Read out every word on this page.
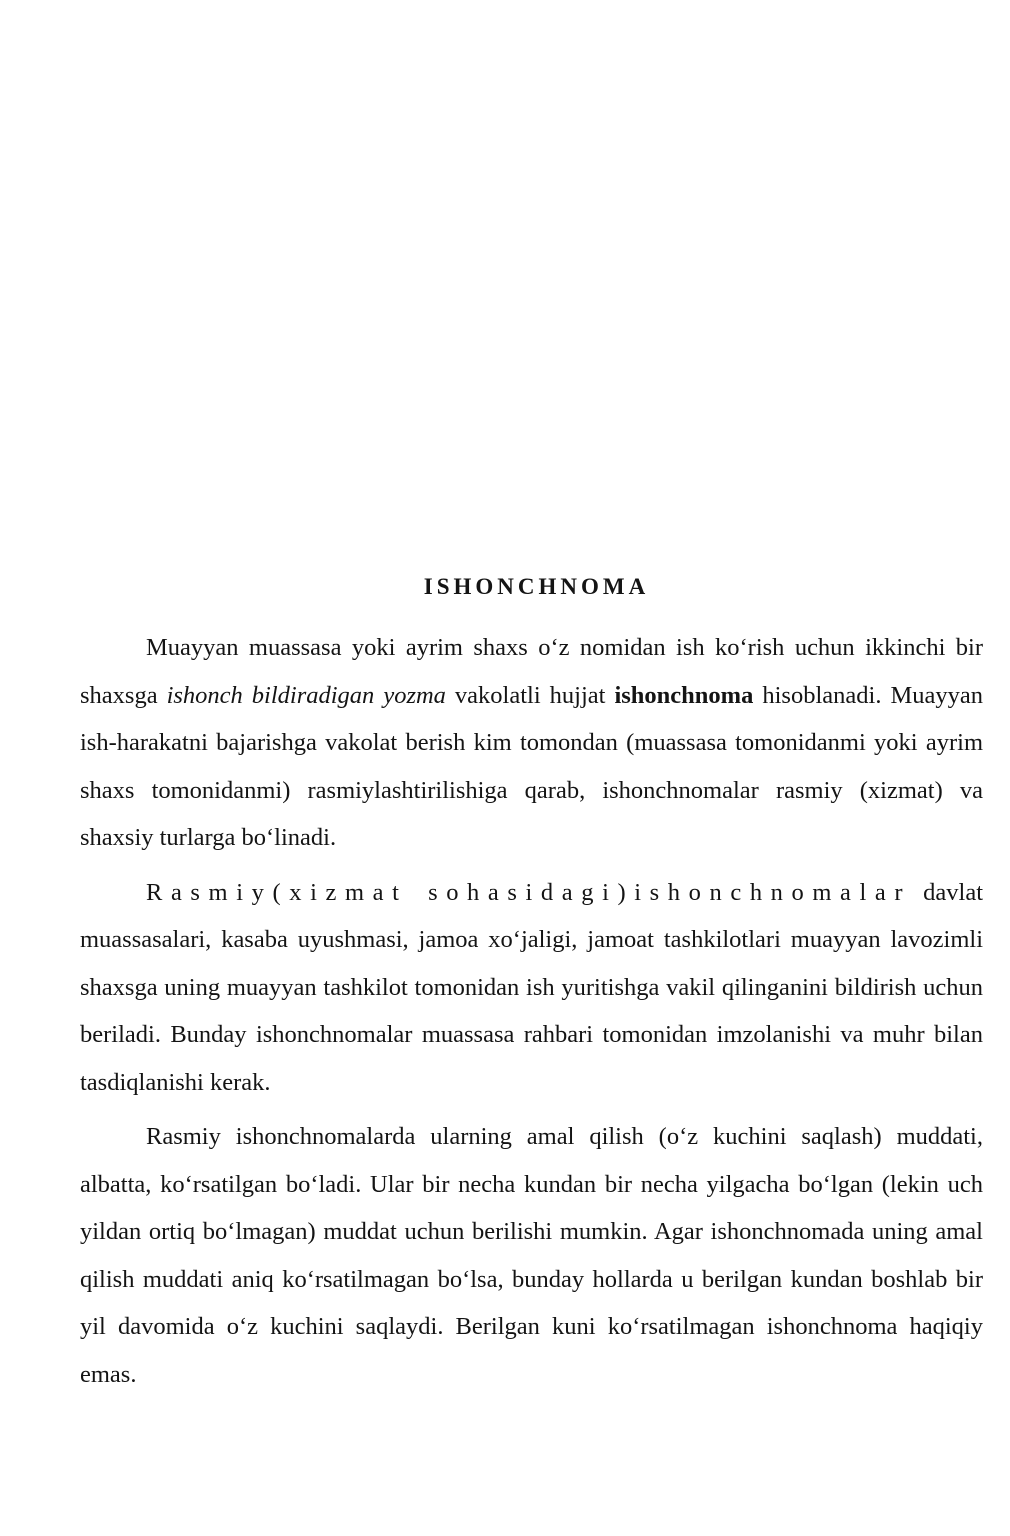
ISHONCHNOMA

Muayyan muassasa yoki ayrim shaxs o‘z nomidan ish ko‘rish uchun ikkinchi bir shaxsga ishonch bildiradigan yozma vakolatli hujjat ishonchnoma hisoblanadi. Muayyan ish-harakatni bajarishga vakolat berish kim tomondan (muassasa tomonidanmi yoki ayrim shaxs tomonidanmi) rasmiylashtirilishiga qarab, ishonchnomalar rasmiy (xizmat) va shaxsiy turlarga bo‘linadi.

Rasmiy(xizmat sohasidagi)ishonchnomalar davlat muassasalari, kasaba uyushmasi, jamoa xo‘jaligi, jamoat tashkilotlari muayyan lavozimli shaxsga uning muayyan tashkilot tomonidan ish yuritishga vakil qilinganini bildirish uchun beriladi. Bunday ishonchnomalar muassasa rahbari tomonidan imzolanishi va muhr bilan tasdiqlanishi kerak.

Rasmiy ishonchnomalarda ularning amal qilish (o‘z kuchini saqlash) muddati, albatta, ko‘rsatilgan bo‘ladi. Ular bir necha kundan bir necha yilgacha bo‘lgan (lekin uch yildan ortiq bo‘lmagan) muddat uchun berilishi mumkin. Agar ishonchnomada uning amal qilish muddati aniq ko‘rsatilmagan bo‘lsa, bunday hollarda u berilgan kundan boshlab bir yil davomida o‘z kuchini saqlaydi. Berilgan kuni ko‘rsatilmagan ishonchnoma haqiqiy emas.
